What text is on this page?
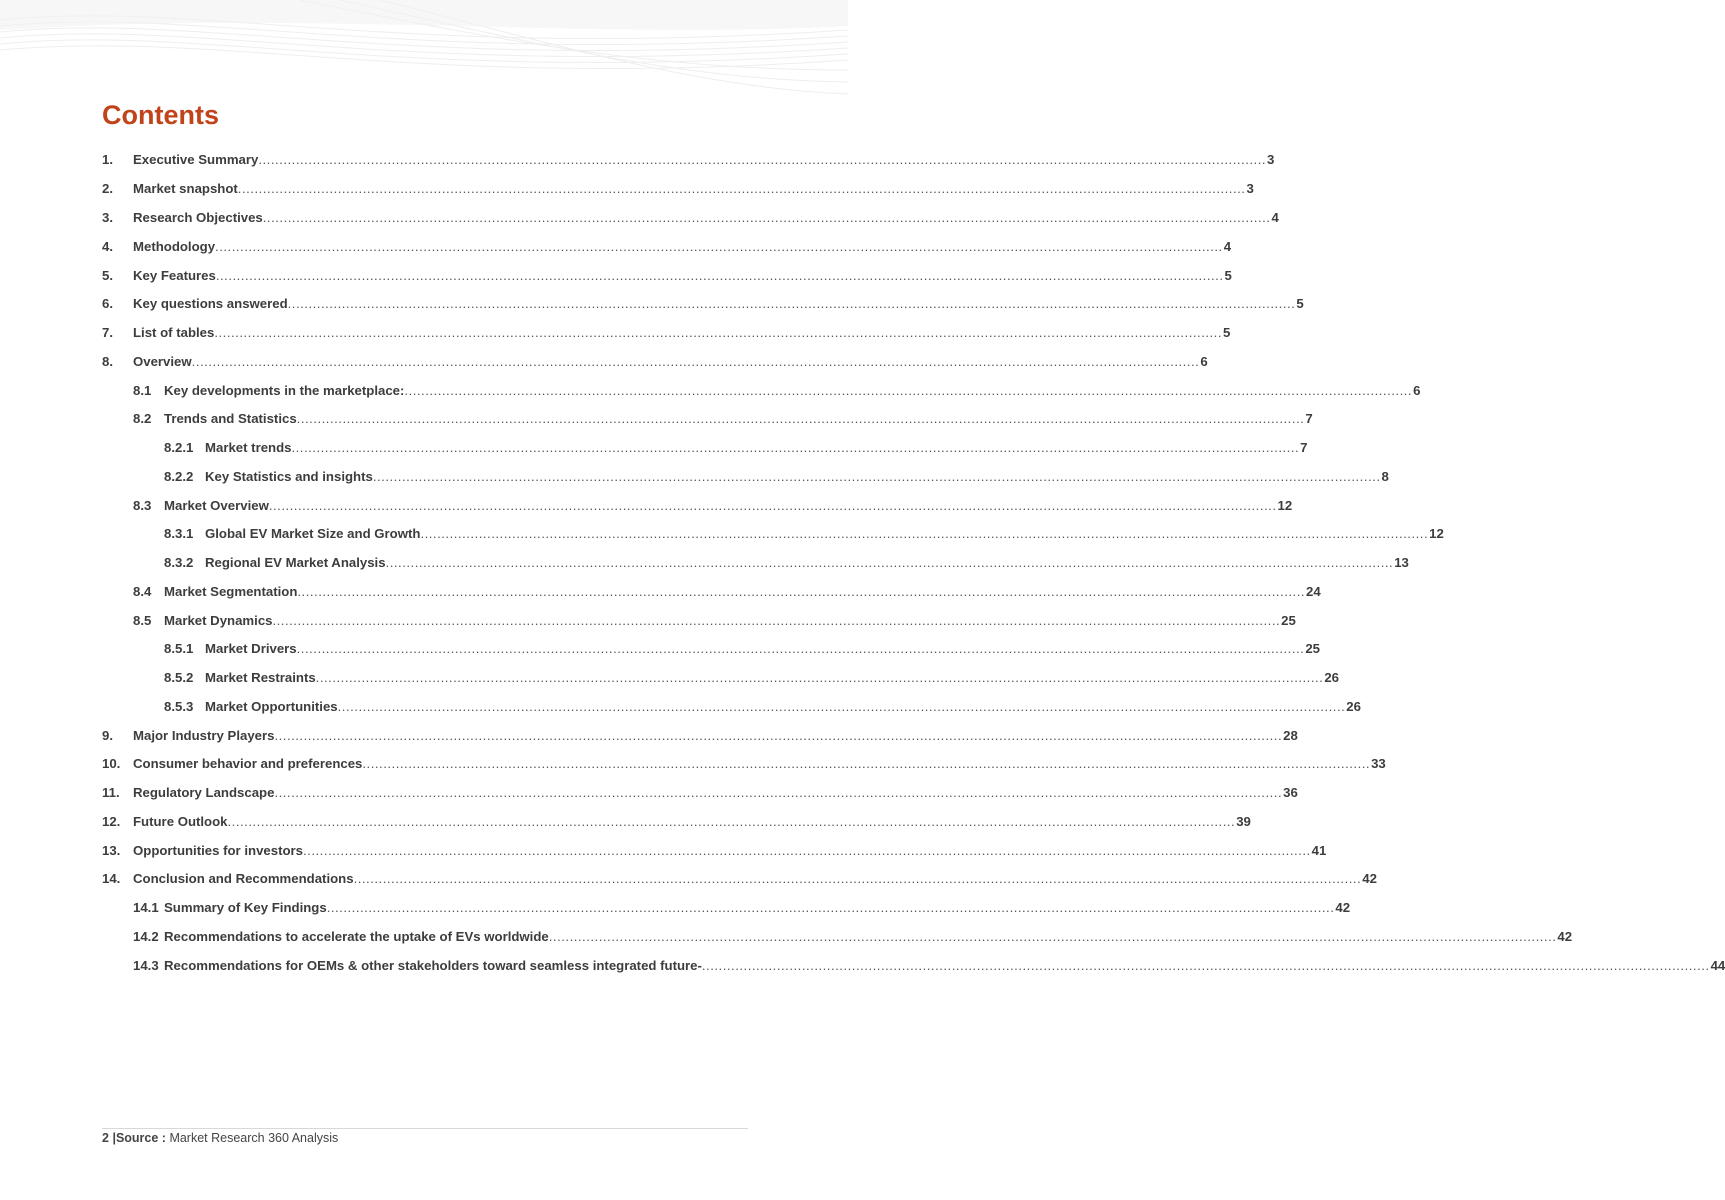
Contents
1.	Executive Summary .....	3
2.	Market snapshot .....	3
3.	Research Objectives .....	4
4.	Methodology .....	4
5.	Key Features .....	5
6.	Key questions answered .....	5
7.	List of tables .....	5
8.	Overview .....	6
8.1 Key developments in the marketplace: .....	6
8.2 Trends and Statistics .....	7
8.2.1 Market trends .....	7
8.2.2 Key Statistics and insights .....	8
8.3 Market Overview .....	12
8.3.1 Global EV Market Size and Growth .....	12
8.3.2 Regional EV Market Analysis .....	13
8.4 Market Segmentation .....	24
8.5 Market Dynamics .....	25
8.5.1 Market Drivers .....	25
8.5.2 Market Restraints .....	26
8.5.3 Market Opportunities .....	26
9.	Major Industry Players .....	28
10. Consumer behavior and preferences .....	33
11.	Regulatory Landscape .....	36
12. Future Outlook .....	39
13. Opportunities for investors .....	41
14. Conclusion and Recommendations .....	42
14.1 Summary of Key Findings .....	42
14.2 Recommendations to accelerate the uptake of EVs worldwide .....	42
14.3 Recommendations for OEMs & other stakeholders toward seamless integrated future- .....	44
2 |Source : Market Research 360 Analysis
